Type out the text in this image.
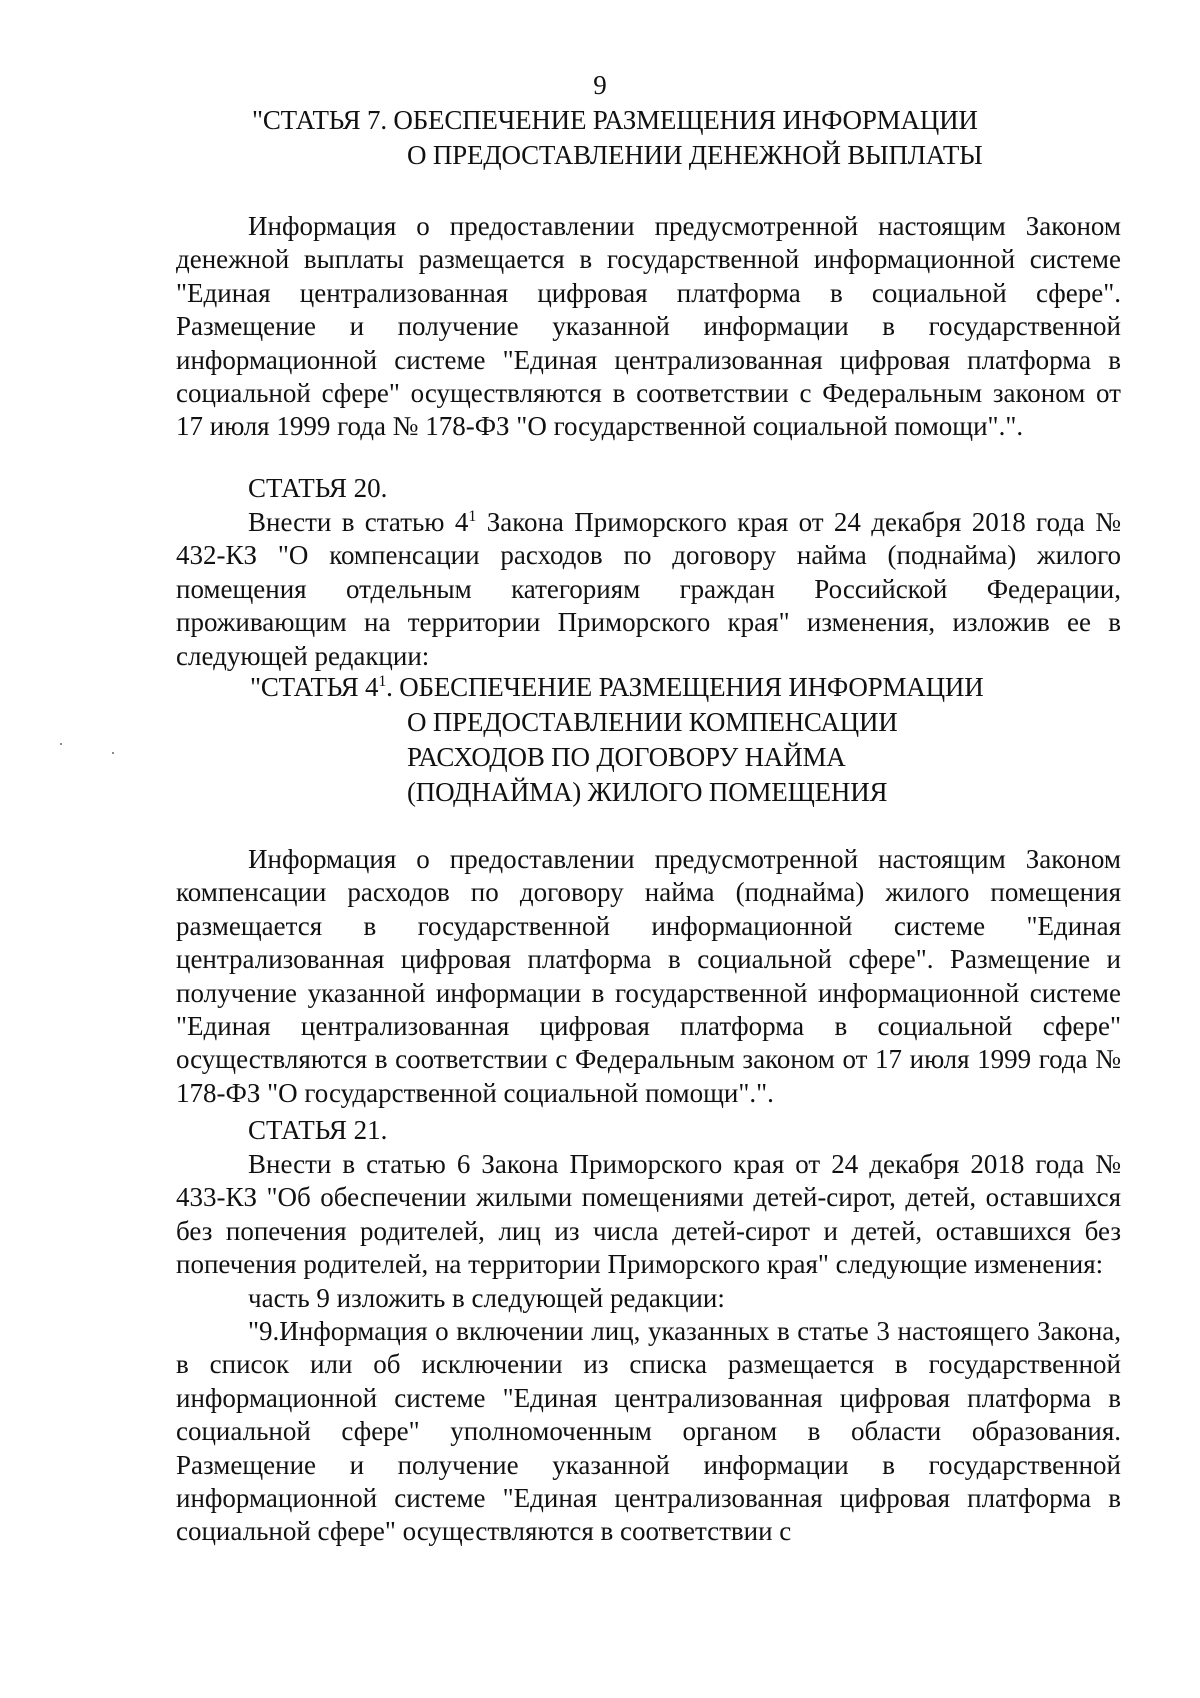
9
"СТАТЬЯ 7. ОБЕСПЕЧЕНИЕ РАЗМЕЩЕНИЯ ИНФОРМАЦИИ
О ПРЕДОСТАВЛЕНИИ ДЕНЕЖНОЙ ВЫПЛАТЫ

Информация о предоставлении предусмотренной настоящим Законом денежной выплаты размещается в государственной информационной системе "Единая централизованная цифровая платформа в социальной сфере". Размещение и получение указанной информации в государственной информационной системе "Единая централизованная цифровая платформа в социальной сфере" осуществляются в соответствии с Федеральным законом от 17 июля 1999 года № 178-ФЗ "О государственной социальной помощи".".

СТАТЬЯ 20.

Внести в статью $4^1$ Закона Приморского края от 24 декабря 2018 года № 432-КЗ "О компенсации расходов по договору найма (поднайма) жилого помещения отдельным категориям граждан Российской Федерации, проживающим на территории Приморского края" изменения, изложив ее в следующей редакции:

"СТАТЬЯ $4^1$. ОБЕСПЕЧЕНИЕ РАЗМЕЩЕНИЯ ИНФОРМАЦИИ
О ПРЕДОСТАВЛЕНИИ КОМПЕНСАЦИИ
РАСХОДОВ ПО ДОГОВОРУ НАЙМА
(ПОДНАЙМА) ЖИЛОГО ПОМЕЩЕНИЯ

Информация о предоставлении предусмотренной настоящим Законом компенсации расходов по договору найма (поднайма) жилого помещения размещается в государственной информационной системе "Единая централизованная цифровая платформа в социальной сфере". Размещение и получение указанной информации в государственной информационной системе "Единая централизованная цифровая платформа в социальной сфере" осуществляются в соответствии с Федеральным законом от 17 июля 1999 года № 178-ФЗ "О государственной социальной помощи".".

СТАТЬЯ 21.

Внести в статью 6 Закона Приморского края от 24 декабря 2018 года № 433-КЗ "Об обеспечении жилыми помещениями детей-сирот, детей, оставшихся без попечения родителей, лиц из числа детей-сирот и детей, оставшихся без попечения родителей, на территории Приморского края" следующие изменения:

часть 9 изложить в следующей редакции:

"9.Информация о включении лиц, указанных в статье 3 настоящего Закона, в список или об исключении из списка размещается в государственной информационной системе "Единая централизованная цифровая платформа в социальной сфере" уполномоченным органом в области образования. Размещение и получение указанной информации в государственной информационной системе "Единая централизованная цифровая платформа в социальной сфере" осуществляются в соответствии с
